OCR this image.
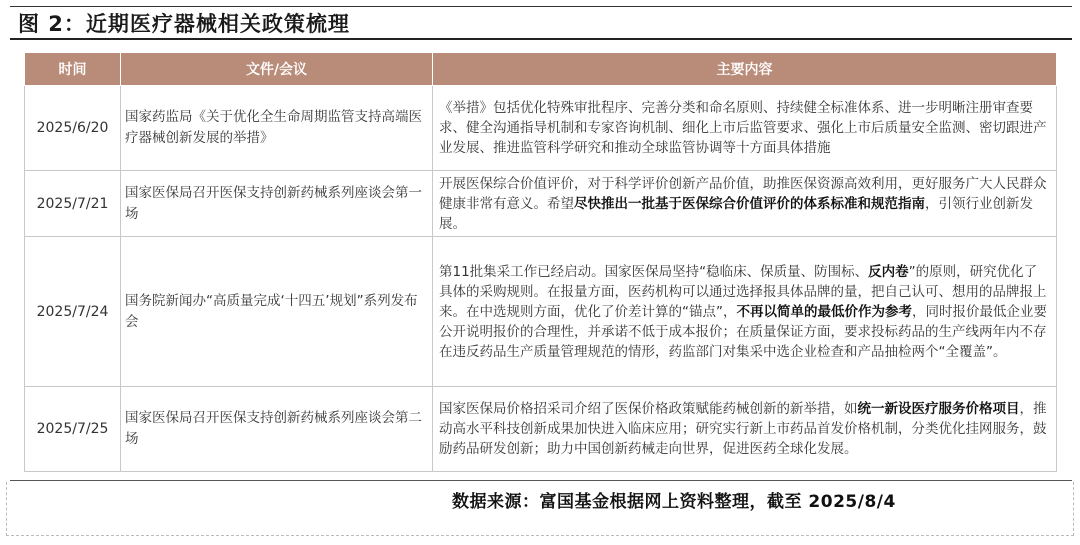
图 2：近期医疗器械相关政策梳理
时间	文件/会议	主要内容
2025/6/20	国家药监局《关于优化全生命周期监管支持高端医疗器械创新发展的举措》	《举措》包括优化特殊审批程序、完善分类和命名原则、持续健全标准体系、进一步明晰注册审查要求、健全沟通指导机制和专家咨询机制、细化上市后监管要求、强化上市后质量安全监测、密切跟进产业发展、推进监管科学研究和推动全球监管协调等十方面具体措施
2025/7/21	国家医保局召开医保支持创新药械系列座谈会第一场	开展医保综合价值评价，对于科学评价创新产品价值，助推医保资源高效利用，更好服务广大人民群众健康非常有意义。希望尽快推出一批基于医保综合价值评价的体系标准和规范指南，引领行业创新发展。
2025/7/24	国务院新闻办“高质量完成‘十四五’规划”系列发布会	第11批集采工作已经启动。国家医保局坚持“稳临床、保质量、防围标、反内卷”的原则，研究优化了具体的采购规则。在报量方面，医药机构可以通过选择报具体品牌的量，把自己认可、想用的品牌报上来。在中选规则方面，优化了价差计算的“锚点”，不再以简单的最低价作为参考，同时报价最低企业要公开说明报价的合理性，并承诺不低于成本报价；在质量保证方面，要求投标药品的生产线两年内不存在违反药品生产质量管理规范的情形，药监部门对集采中选企业检查和产品抽检两个“全覆盖”。
2025/7/25	国家医保局召开医保支持创新药械系列座谈会第二场	国家医保局价格招采司介绍了医保价格政策赋能药械创新的新举措，如统一新设医疗服务价格项目，推动高水平科技创新成果加快进入临床应用；研究实行新上市药品首发价格机制，分类优化挂网服务，鼓励药品研发创新；助力中国创新药械走向世界，促进医药全球化发展。
数据来源：富国基金根据网上资料整理，截至 2025/8/4
